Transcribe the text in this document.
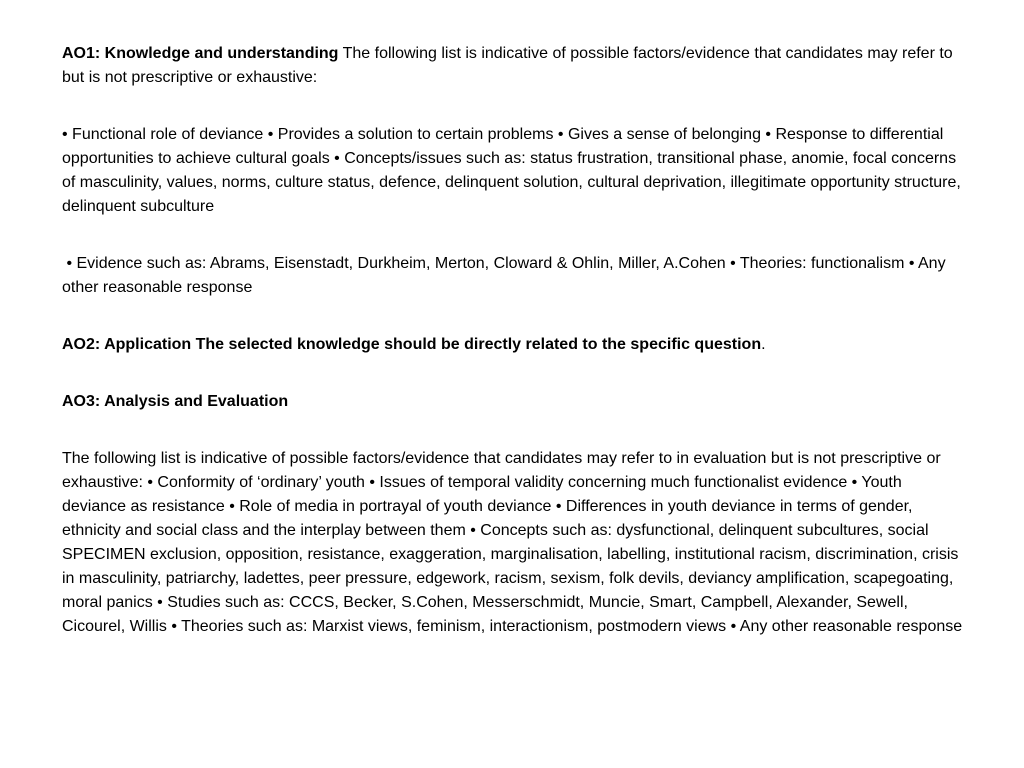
AO1: Knowledge and understanding The following list is indicative of possible factors/evidence that candidates may refer to but is not prescriptive or exhaustive:

• Functional role of deviance • Provides a solution to certain problems • Gives a sense of belonging • Response to differential opportunities to achieve cultural goals • Concepts/issues such as: status frustration, transitional phase, anomie, focal concerns of masculinity, values, norms, culture status, defence, delinquent solution, cultural deprivation, illegitimate opportunity structure, delinquent subculture

• Evidence such as: Abrams, Eisenstadt, Durkheim, Merton, Cloward & Ohlin, Miller, A.Cohen • Theories: functionalism • Any other reasonable response

AO2: Application The selected knowledge should be directly related to the specific question.

AO3: Analysis and Evaluation

The following list is indicative of possible factors/evidence that candidates may refer to in evaluation but is not prescriptive or exhaustive: • Conformity of ‘ordinary’ youth • Issues of temporal validity concerning much functionalist evidence • Youth deviance as resistance • Role of media in portrayal of youth deviance • Differences in youth deviance in terms of gender, ethnicity and social class and the interplay between them • Concepts such as: dysfunctional, delinquent subcultures, social SPECIMEN exclusion, opposition, resistance, exaggeration, marginalisation, labelling, institutional racism, discrimination, crisis in masculinity, patriarchy, ladettes, peer pressure, edgework, racism, sexism, folk devils, deviancy amplification, scapegoating, moral panics • Studies such as: CCCS, Becker, S.Cohen, Messerschmidt, Muncie, Smart, Campbell, Alexander, Sewell, Cicourel, Willis • Theories such as: Marxist views, feminism, interactionism, postmodern views • Any other reasonable response
